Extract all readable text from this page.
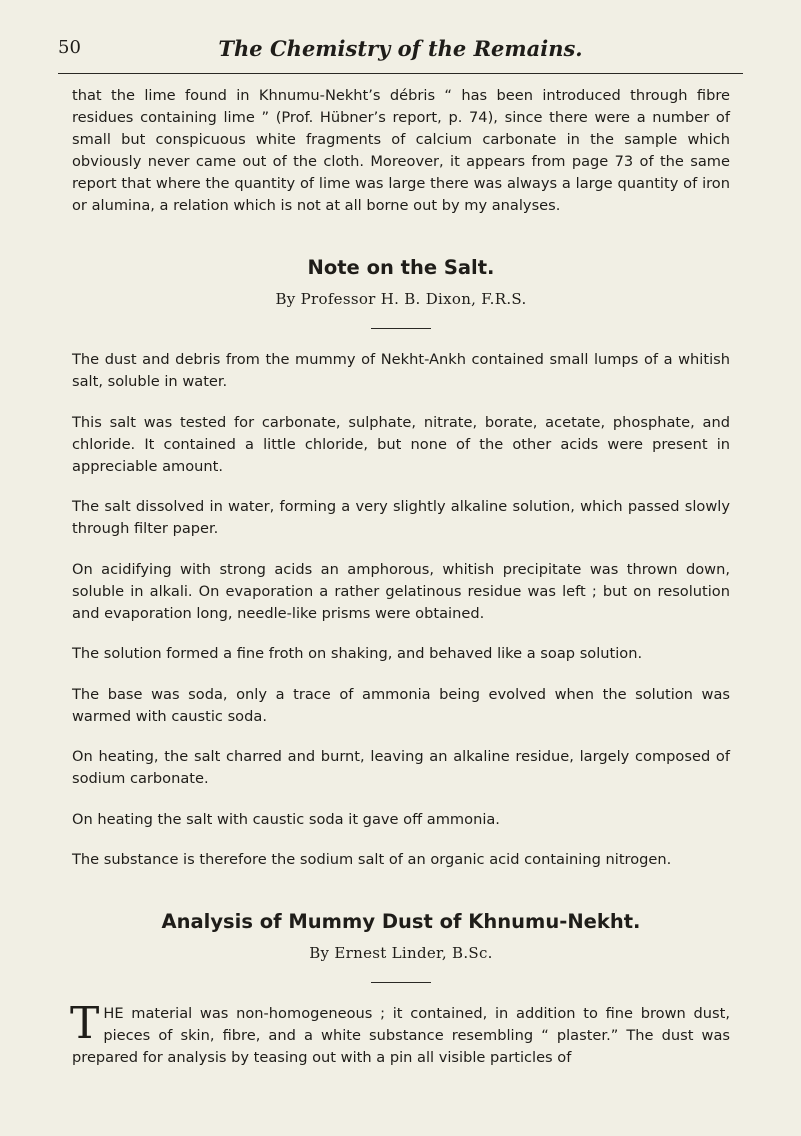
50	The Chemistry of the Remains.

that the lime found in Khnumu-Nekht’s débris “ has been introduced through fibre residues containing lime ” (Prof. Hübner’s report, p. 74), since there were a number of small but conspicuous white fragments of calcium carbonate in the sample which obviously never came out of the cloth. Moreover, it appears from page 73 of the same report that where the quantity of lime was large there was always a large quantity of iron or alumina, a relation which is not at all borne out by my analyses.

Note on the Salt.
By Professor H. B. Dixon, F.R.S.

The dust and debris from the mummy of Nekht-Ankh contained small lumps of a whitish salt, soluble in water.

This salt was tested for carbonate, sulphate, nitrate, borate, acetate, phosphate, and chloride. It contained a little chloride, but none of the other acids were present in appreciable amount.

The salt dissolved in water, forming a very slightly alkaline solution, which passed slowly through filter paper.

On acidifying with strong acids an amphorous, whitish precipitate was thrown down, soluble in alkali. On evaporation a rather gelatinous residue was left ; but on resolution and evaporation long, needle-like prisms were obtained.

The solution formed a fine froth on shaking, and behaved like a soap solution.

The base was soda, only a trace of ammonia being evolved when the solution was warmed with caustic soda.

On heating, the salt charred and burnt, leaving an alkaline residue, largely composed of sodium carbonate.

On heating the salt with caustic soda it gave off ammonia.

The substance is therefore the sodium salt of an organic acid containing nitrogen.

Analysis of Mummy Dust of Khnumu-Nekht.
By Ernest Linder, B.Sc.

THE material was non-homogeneous ; it contained, in addition to fine brown dust, pieces of skin, fibre, and a white substance resembling “ plaster.” The dust was prepared for analysis by teasing out with a pin all visible particles of
